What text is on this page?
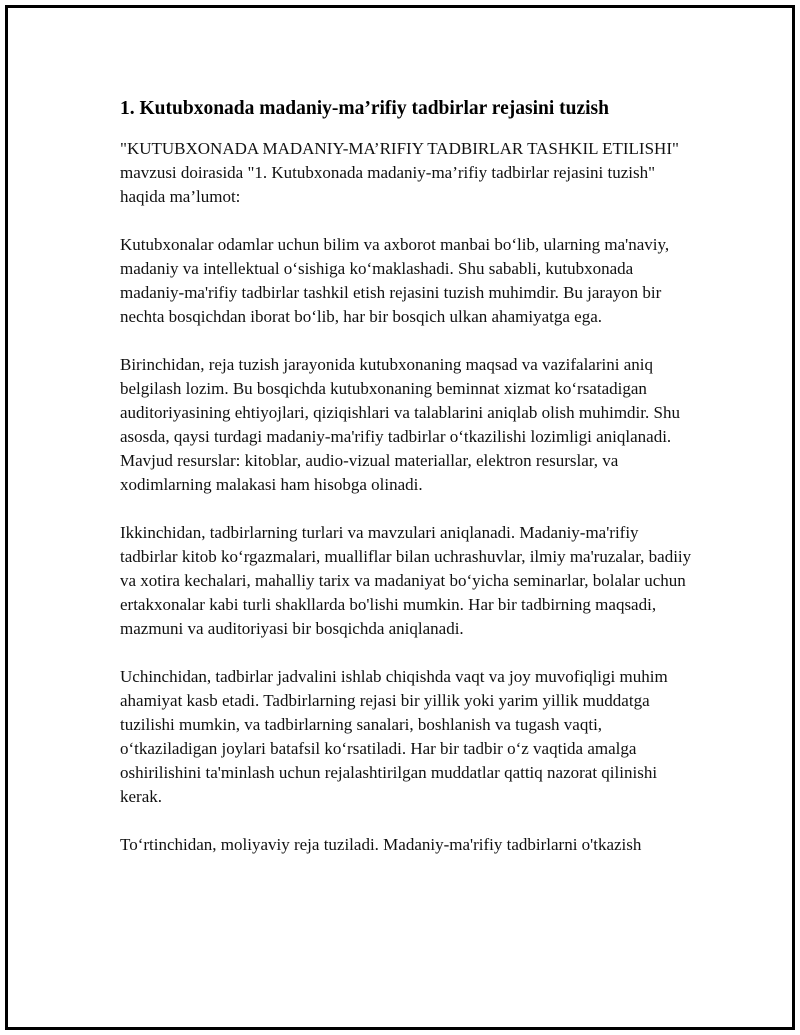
1. Kutubxonada madaniy-ma’rifiy tadbirlar rejasini tuzish

"KUTUBXONADA MADANIY-MA’RIFIY TADBIRLAR TASHKIL ETILISHI" mavzusi doirasida "1. Kutubxonada madaniy-ma’rifiy tadbirlar rejasini tuzish" haqida ma’lumot:

Kutubxonalar odamlar uchun bilim va axborot manbai boʻlib, ularning ma'naviy, madaniy va intellektual oʻsishiga koʻmaklashadi. Shu sababli, kutubxonada madaniy-ma'rifiy tadbirlar tashkil etish rejasini tuzish muhimdir. Bu jarayon bir nechta bosqichdan iborat boʻlib, har bir bosqich ulkan ahamiyatga ega.

Birinchidan, reja tuzish jarayonida kutubxonaning maqsad va vazifalarini aniq belgilash lozim. Bu bosqichda kutubxonaning beminnat xizmat koʻrsatadigan auditoriyasining ehtiyojlari, qiziqishlari va talablarini aniqlab olish muhimdir. Shu asosda, qaysi turdagi madaniy-ma'rifiy tadbirlar oʻtkazilishi lozimligi aniqlanadi. Mavjud resurslar: kitoblar, audio-vizual materiallar, elektron resurslar, va xodimlarning malakasi ham hisobga olinadi.

Ikkinchidan, tadbirlarning turlari va mavzulari aniqlanadi. Madaniy-ma'rifiy tadbirlar kitob koʻrgazmalari, mualliflar bilan uchrashuvlar, ilmiy ma'ruzalar, badiiy va xotira kechalari, mahalliy tarix va madaniyat boʻyicha seminarlar, bolalar uchun ertakxonalar kabi turli shakllarda bo'lishi mumkin. Har bir tadbirning maqsadi, mazmuni va auditoriyasi bir bosqichda aniqlanadi.

Uchinchidan, tadbirlar jadvalini ishlab chiqishda vaqt va joy muvofiqligi muhim ahamiyat kasb etadi. Tadbirlarning rejasi bir yillik yoki yarim yillik muddatga tuzilishi mumkin, va tadbirlarning sanalari, boshlanish va tugash vaqti, oʻtkaziladigan joylari batafsil koʻrsatiladi. Har bir tadbir oʻz vaqtida amalga oshirilishini ta'minlash uchun rejalashtirilgan muddatlar qattiq nazorat qilinishi kerak.

Toʻrtinchidan, moliyaviy reja tuziladi. Madaniy-ma'rifiy tadbirlarni o'tkazish
